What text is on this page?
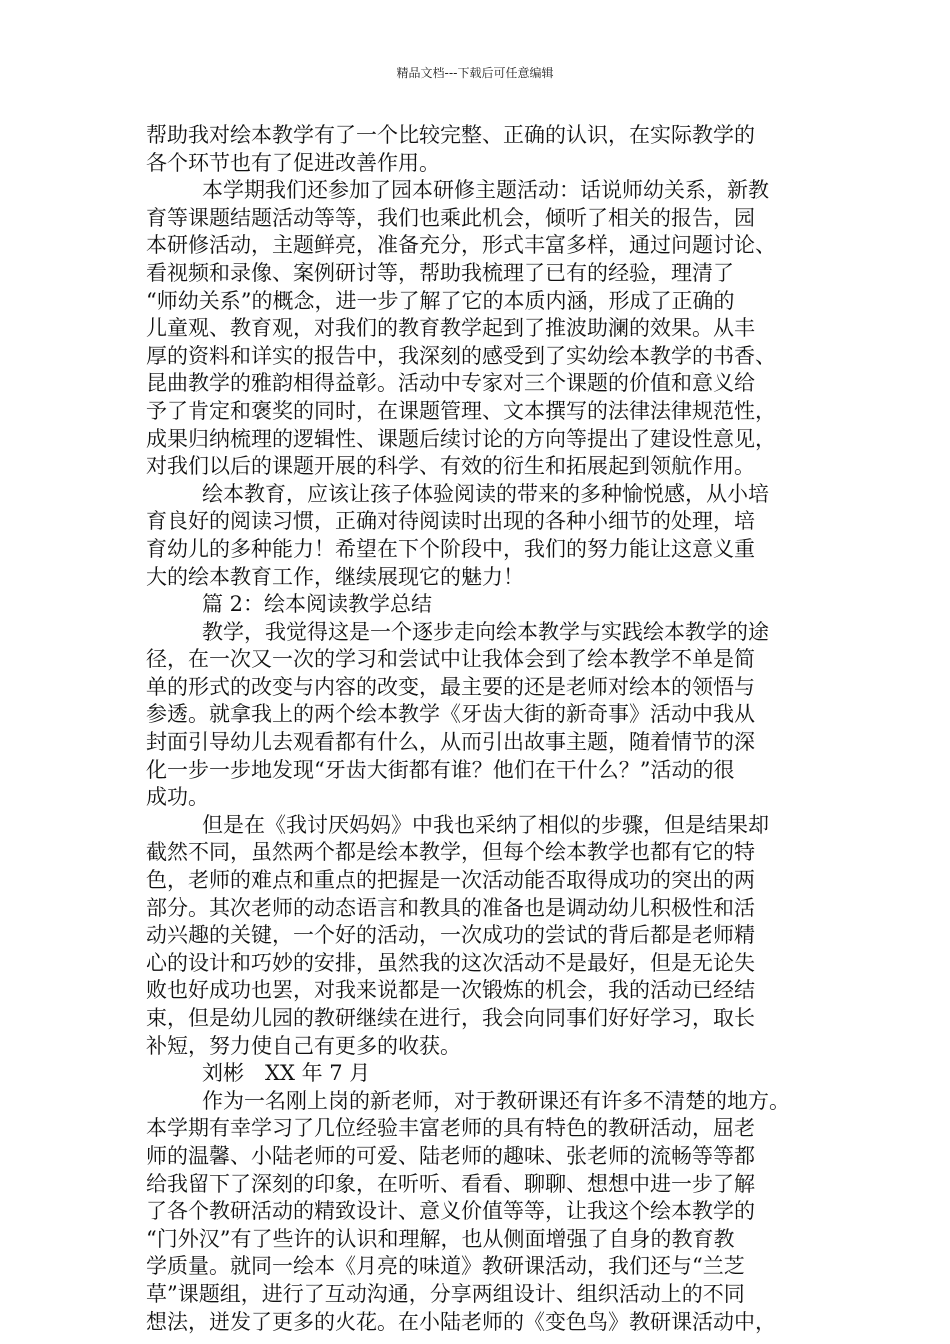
精品文档---下载后可任意编辑
帮助我对绘本教学有了一个比较完整、正确的认识，在实际教学的
各个环节也有了促进改善作用。
本学期我们还参加了园本研修主题活动：话说师幼关系，新教
育等课题结题活动等等，我们也乘此机会，倾听了相关的报告，园
本研修活动，主题鲜亮，准备充分，形式丰富多样，通过问题讨论、
看视频和录像、案例研讨等，帮助我梳理了已有的经验，理清了
“师幼关系”的概念，进一步了解了它的本质内涵，形成了正确的
儿童观、教育观，对我们的教育教学起到了推波助澜的效果。从丰
厚的资料和详实的报告中，我深刻的感受到了实幼绘本教学的书香、
昆曲教学的雅韵相得益彰。活动中专家对三个课题的价值和意义给
予了肯定和褒奖的同时，在课题管理、文本撰写的法律法律规范性，
成果归纳梳理的逻辑性、课题后续讨论的方向等提出了建设性意见，
对我们以后的课题开展的科学、有效的衍生和拓展起到领航作用。
绘本教育，应该让孩子体验阅读的带来的多种愉悦感，从小培
育良好的阅读习惯，正确对待阅读时出现的各种小细节的处理，培
育幼儿的多种能力！希望在下个阶段中，我们的努力能让这意义重
大的绘本教育工作，继续展现它的魅力！
篇 2：绘本阅读教学总结
教学，我觉得这是一个逐步走向绘本教学与实践绘本教学的途
径，在一次又一次的学习和尝试中让我体会到了绘本教学不单是简
单的形式的改变与内容的改变，最主要的还是老师对绘本的领悟与
参透。就拿我上的两个绘本教学《牙齿大街的新奇事》活动中我从
封面引导幼儿去观看都有什么，从而引出故事主题，随着情节的深
化一步一步地发现“牙齿大街都有谁？他们在干什么？”活动的很
成功。
但是在《我讨厌妈妈》中我也采纳了相似的步骤，但是结果却
截然不同，虽然两个都是绘本教学，但每个绘本教学也都有它的特
色，老师的难点和重点的把握是一次活动能否取得成功的突出的两
部分。其次老师的动态语言和教具的准备也是调动幼儿积极性和活
动兴趣的关键，一个好的活动，一次成功的尝试的背后都是老师精
心的设计和巧妙的安排，虽然我的这次活动不是最好，但是无论失
败也好成功也罢，对我来说都是一次锻炼的机会，我的活动已经结
束，但是幼儿园的教研继续在进行，我会向同事们好好学习，取长
补短，努力使自己有更多的收获。
刘彬　XX 年 7 月
作为一名刚上岗的新老师，对于教研课还有许多不清楚的地方。
本学期有幸学习了几位经验丰富老师的具有特色的教研活动，屈老
师的温馨、小陆老师的可爱、陆老师的趣味、张老师的流畅等等都
给我留下了深刻的印象，在听听、看看、聊聊、想想中进一步了解
了各个教研活动的精致设计、意义价值等等，让我这个绘本教学的
“门外汉”有了些许的认识和理解，也从侧面增强了自身的教育教
学质量。就同一绘本《月亮的味道》教研课活动，我们还与“兰芝
草”课题组，进行了互动沟通，分享两组设计、组织活动上的不同
想法，迸发了更多的火花。在小陆老师的《变色鸟》教研课活动中，
